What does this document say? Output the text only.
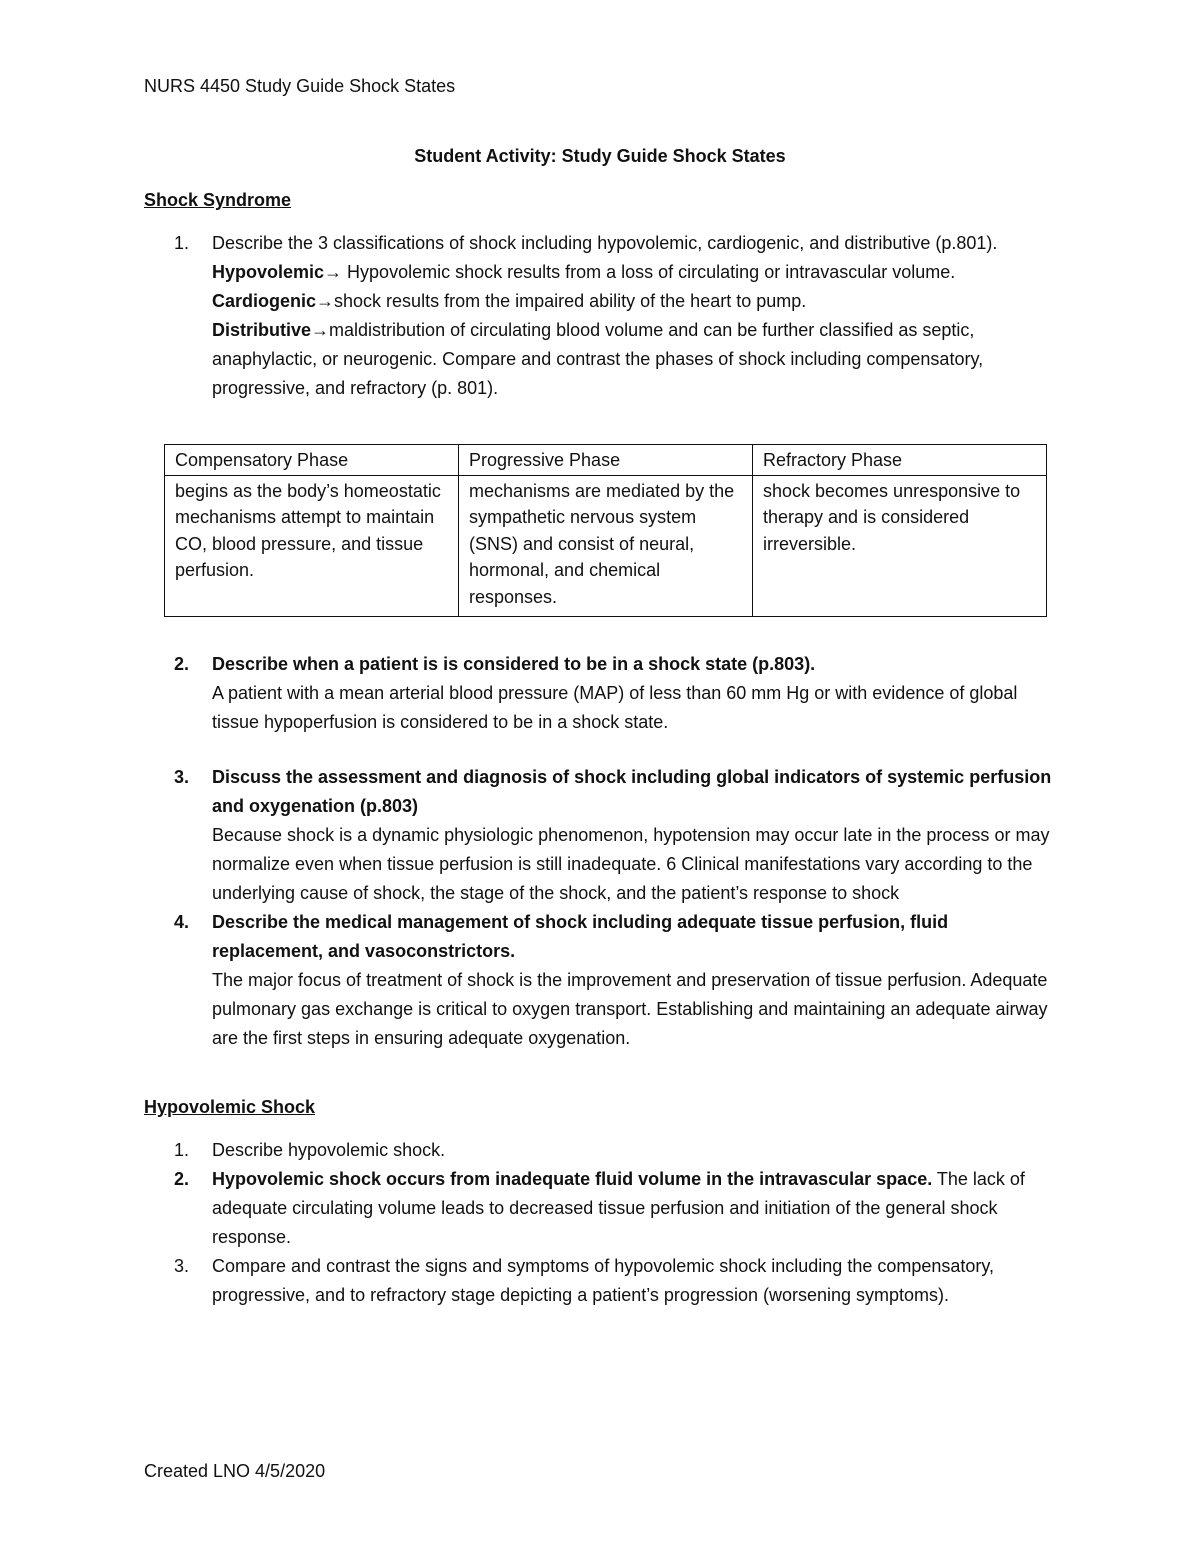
NURS 4450 Study Guide Shock States
Student Activity: Study Guide Shock States
Shock Syndrome
1. Describe the 3 classifications of shock including hypovolemic, cardiogenic, and distributive (p.801).
Hypovolemic→ Hypovolemic shock results from a loss of circulating or intravascular volume.
Cardiogenic→shock results from the impaired ability of the heart to pump.
Distributive→maldistribution of circulating blood volume and can be further classified as septic, anaphylactic, or neurogenic. Compare and contrast the phases of shock including compensatory, progressive, and refractory (p. 801).
Compensatory Phase	Progressive Phase	Refractory Phase
begins as the body’s homeostatic mechanisms attempt to maintain CO, blood pressure, and tissue perfusion.	mechanisms are mediated by the sympathetic nervous system (SNS) and consist of neural, hormonal, and chemical responses.	shock becomes unresponsive to therapy and is considered irreversible.
2. Describe when a patient is is considered to be in a shock state (p.803).
A patient with a mean arterial blood pressure (MAP) of less than 60 mm Hg or with evidence of global tissue hypoperfusion is considered to be in a shock state.
3. Discuss the assessment and diagnosis of shock including global indicators of systemic perfusion and oxygenation (p.803)
Because shock is a dynamic physiologic phenomenon, hypotension may occur late in the process or may normalize even when tissue perfusion is still inadequate. 6 Clinical manifestations vary according to the underlying cause of shock, the stage of the shock, and the patient’s response to shock
4. Describe the medical management of shock including adequate tissue perfusion, fluid replacement, and vasoconstrictors.
The major focus of treatment of shock is the improvement and preservation of tissue perfusion. Adequate pulmonary gas exchange is critical to oxygen transport. Establishing and maintaining an adequate airway are the first steps in ensuring adequate oxygenation.
Hypovolemic Shock
1. Describe hypovolemic shock.
2. Hypovolemic shock occurs from inadequate fluid volume in the intravascular space. The lack of adequate circulating volume leads to decreased tissue perfusion and initiation of the general shock response.
3. Compare and contrast the signs and symptoms of hypovolemic shock including the compensatory, progressive, and to refractory stage depicting a patient’s progression (worsening symptoms).
Created LNO 4/5/2020
